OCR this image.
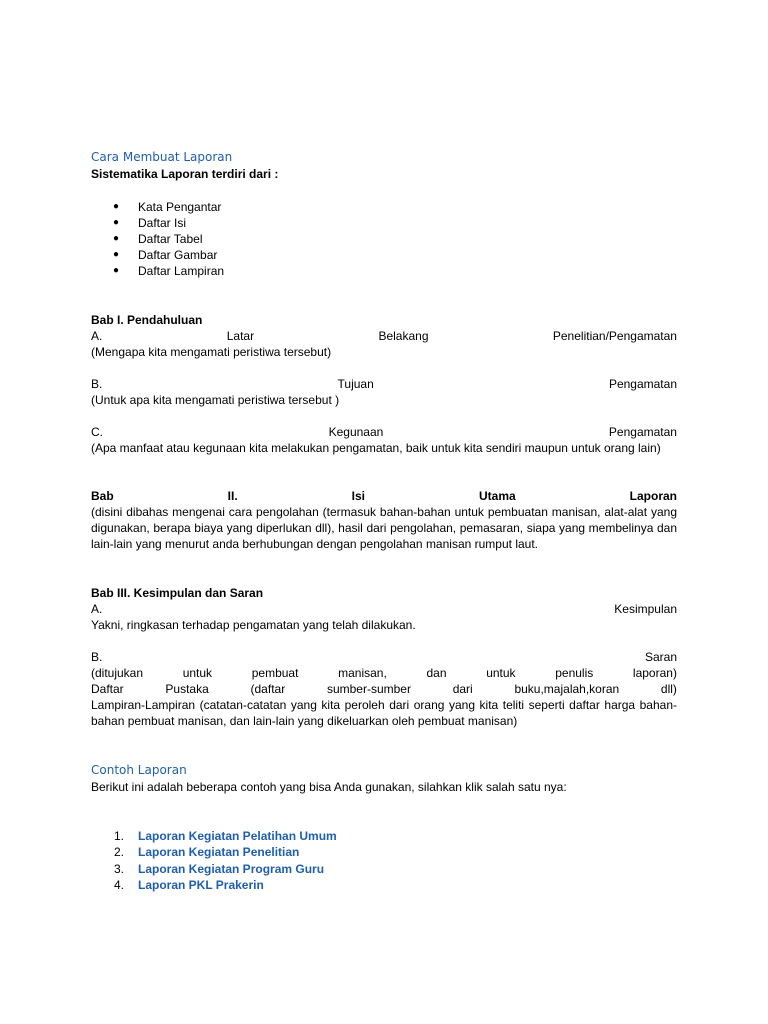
Cara Membuat Laporan

Sistematika Laporan terdiri dari :

● Kata Pengantar
● Daftar Isi
● Daftar Tabel
● Daftar Gambar
● Daftar Lampiran

Bab I. Pendahuluan

A.	Latar	Belakang	Penelitian/Pengamatan

(Mengapa kita mengamati peristiwa tersebut)

B.	Tujuan	Pengamatan

(Untuk apa kita mengamati peristiwa tersebut )

C.	Kegunaan	Pengamatan

(Apa manfaat atau kegunaan kita melakukan pengamatan, baik untuk kita sendiri maupun untuk orang lain)

Bab	II.	Isi	Utama	Laporan

(disini dibahas mengenai cara pengolahan (termasuk bahan-bahan untuk pembuatan manisan, alat-alat yang digunakan, berapa biaya yang diperlukan dll), hasil dari pengolahan, pemasaran, siapa yang membelinya dan lain-lain yang menurut anda berhubungan dengan pengolahan manisan rumput laut.

Bab III. Kesimpulan dan Saran

A.	Kesimpulan

Yakni, ringkasan terhadap pengamatan yang telah dilakukan.

B.	Saran
(ditujukan	untuk	pembuat	manisan,	dan	untuk	penulis	laporan)
Daftar	Pustaka	(daftar	sumber-sumber	dari	buku,majalah,koran	dll)

Lampiran-Lampiran (catatan-catatan yang kita peroleh dari orang yang kita teliti seperti daftar harga bahan-bahan pembuat manisan, dan lain-lain yang dikeluarkan oleh pembuat manisan)

Contoh Laporan

Berikut ini adalah beberapa contoh yang bisa Anda gunakan, silahkan klik salah satu nya:

1. Laporan Kegiatan Pelatihan Umum
2. Laporan Kegiatan Penelitian
3. Laporan Kegiatan Program Guru
4. Laporan PKL Prakerin
